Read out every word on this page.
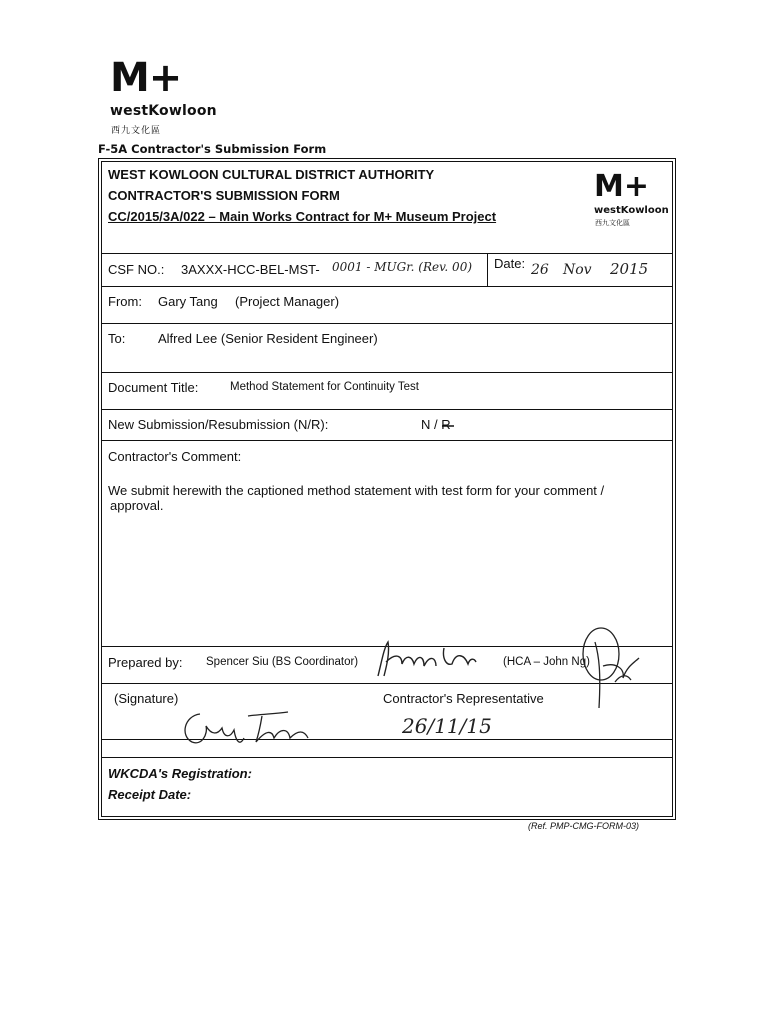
M+
westKowloon
西九文化區
F-5A Contractor's Submission Form
WEST KOWLOON CULTURAL DISTRICT AUTHORITY
CONTRACTOR'S SUBMISSION FORM
CC/2015/3A/022 – Main Works Contract for M+ Museum Project
M+
westKowloon
西九文化區
CSF NO.: 3AXXX-HCC-BEL-MST- 0001 - MUGr. (Rev. 00) Date: 26 Nov 2015
From: Gary Tang (Project Manager)
To:	Alfred Lee (Senior Resident Engineer)
Document Title:	Method Statement for Continuity Test
New Submission/Resubmission (N/R):	N / R
Contractor's Comment:
We submit herewith the captioned method statement with test form for your comment /
approval.
Prepared by: Spencer Siu (BS Coordinator)	(HCA – John Ng)
(Signature)	Contractor's Representative
26/11/15
WKCDA's Registration:
Receipt Date:
(Ref. PMP-CMG-FORM-03)
